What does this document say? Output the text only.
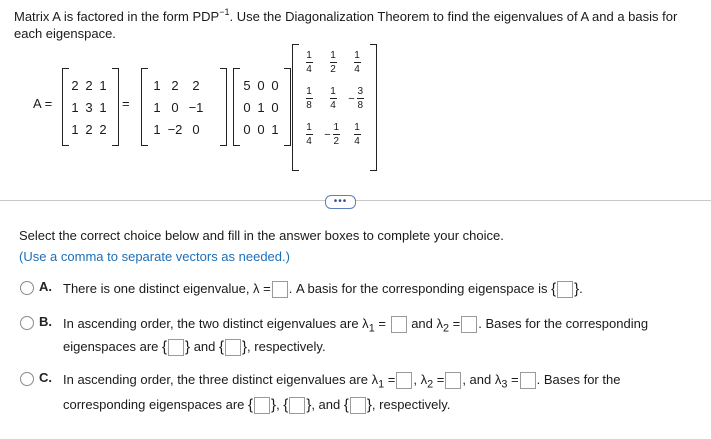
Matrix A is factored in the form $PDP^{-1}$. Use the Diagonalization Theorem to find the eigenvalues of A and a basis for each eigenspace.
A =
2 2 1
1 3 1
1 2 2
=
1 2	2
1 0 −1
1 −2 0
5 0 0
0 1 0
0 0 1
$\frac{1}{4} \frac{1}{2} \frac{1}{4}$
$\frac{1}{8} \frac{1}{4} - \frac{3}{8}$
$\frac{1}{4} - \frac{1}{2} \frac{1}{4}$
•••
Select the correct choice below and fill in the answer boxes to complete your choice.
(Use a comma to separate vectors as needed.)
A. There is one distinct eigenvalue, λ = . A basis for the corresponding eigenspace is { }.
B. In ascending order, the two distinct eigenvalues are $\lambda_1$ = and $\lambda_2$ = . Bases for the corresponding
eigenspaces are { } and { }, respectively.
C. In ascending order, the three distinct eigenvalues are $\lambda_1$ = , $\lambda_2$ = , and $\lambda_3$ = . Bases for the
corresponding eigenspaces are { }, { }, and { }, respectively.
